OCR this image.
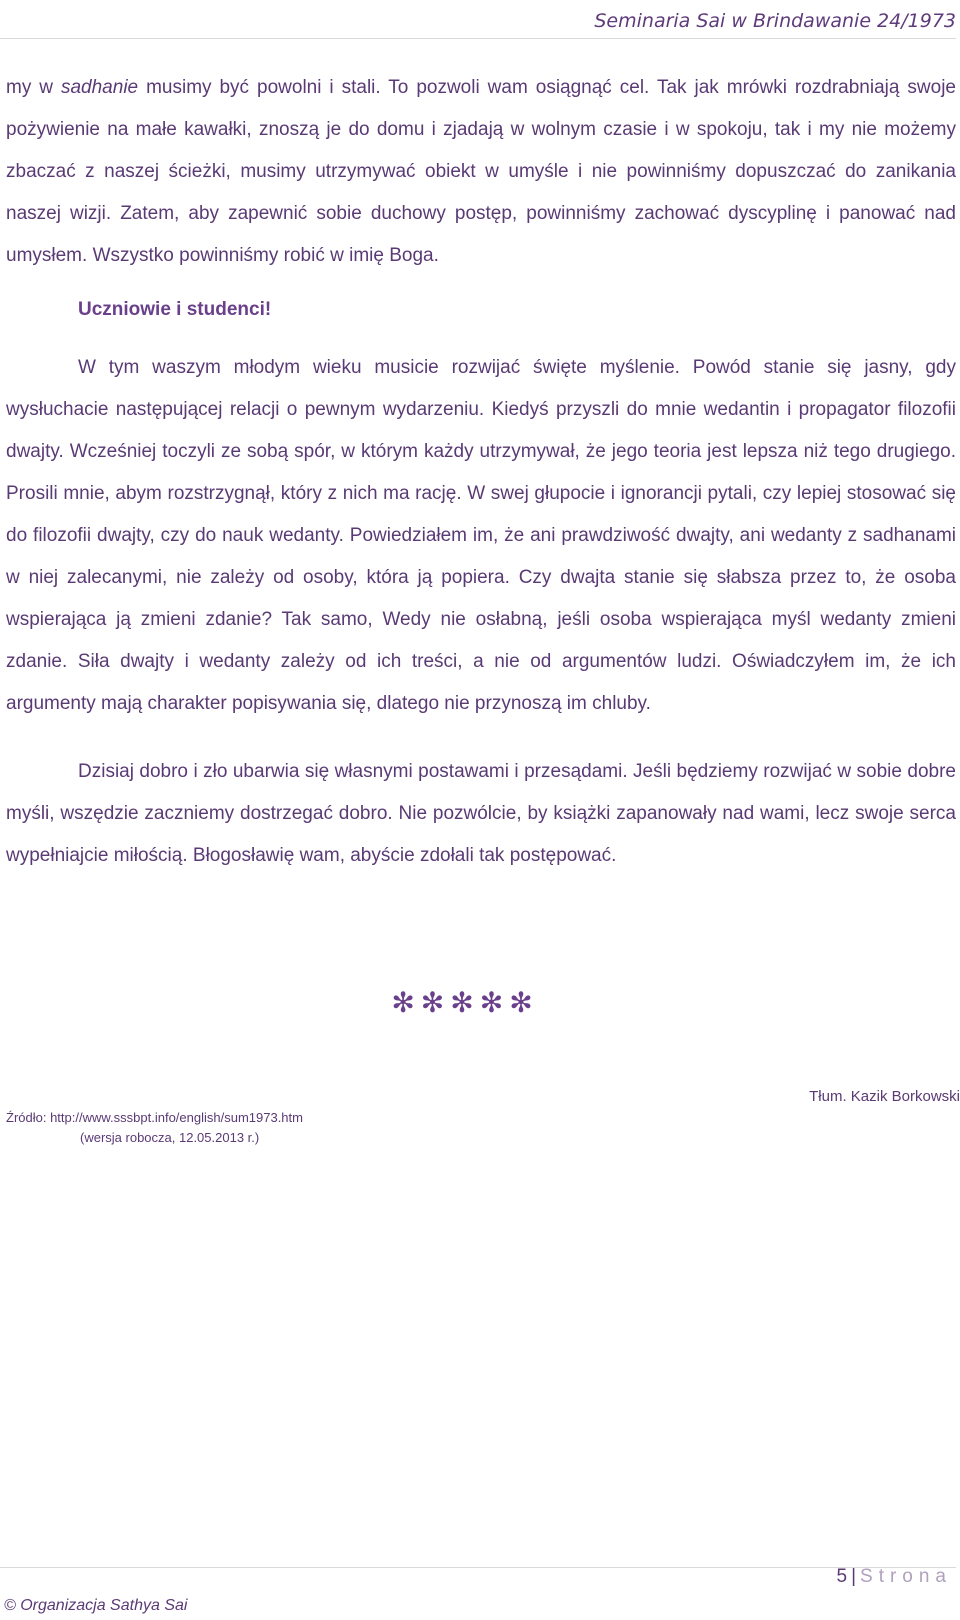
Seminaria Sai w Brindawanie 24/1973

my w sadhanie musimy być powolni i stali. To pozwoli wam osiągnąć cel. Tak jak mrówki rozdrabniają swoje pożywienie na małe kawałki, znoszą je do domu i zjadają w wolnym czasie i w spokoju, tak i my nie możemy zbaczać z naszej ścieżki, musimy utrzymywać obiekt w umyśle i nie powinniśmy dopuszczać do zanikania naszej wizji. Zatem, aby zapewnić sobie duchowy postęp, powinniśmy zachować dyscyplinę i panować nad umysłem. Wszystko powinniśmy robić w imię Boga.

Uczniowie i studenci!

W tym waszym młodym wieku musicie rozwijać święte myślenie. Powód stanie się jasny, gdy wysłuchacie następującej relacji o pewnym wydarzeniu. Kiedyś przyszli do mnie wedantin i propagator filozofii dwajty. Wcześniej toczyli ze sobą spór, w którym każdy utrzymywał, że jego teoria jest lepsza niż tego drugiego. Prosili mnie, abym rozstrzygnął, który z nich ma rację. W swej głupocie i ignorancji pytali, czy lepiej stosować się do filozofii dwajty, czy do nauk wedanty. Powiedziałem im, że ani prawdziwość dwajty, ani wedanty z sadhanami w niej zalecanymi, nie zależy od osoby, która ją popiera. Czy dwajta stanie się słabsza przez to, że osoba wspierająca ją zmieni zdanie? Tak samo, Wedy nie osłabną, jeśli osoba wspierająca myśl wedanty zmieni zdanie. Siła dwajty i wedanty zależy od ich treści, a nie od argumentów ludzi. Oświadczyłem im, że ich argumenty mają charakter popisywania się, dlatego nie przynoszą im chluby.

Dzisiaj dobro i zło ubarwia się własnymi postawami i przesądami. Jeśli będziemy rozwijać w sobie dobre myśli, wszędzie zaczniemy dostrzegać dobro. Nie pozwólcie, by książki zapanowały nad wami, lecz swoje serca wypełniajcie miłością. Błogosławię wam, abyście zdołali tak postępować.

✻✻✻✻✻
Tłum. Kazik Borkowski
Źródło: http://www.sssbpt.info/english/sum1973.htm
(wersja robocza, 12.05.2013 r.)
5 | Strona
© Organizacja Sathya Sai
